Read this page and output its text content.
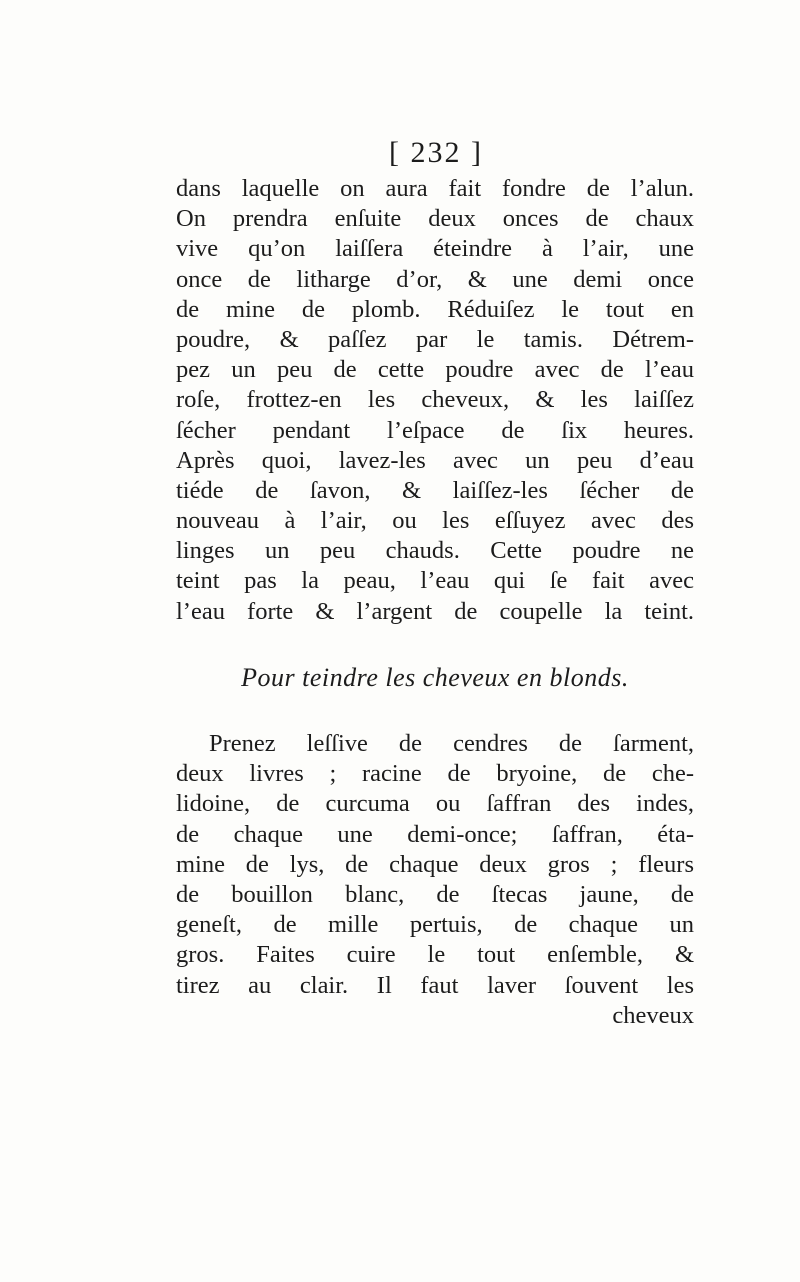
[ 232 ]
dans laquelle on aura fait fondre de l’alun.
On prendra enſuite deux onces de chaux
vive qu’on laiſſera éteindre à l’air, une
once de litharge d’or, & une demi once
de mine de plomb. Réduiſez le tout en
poudre, & paſſez par le tamis. Détrem-
pez un peu de cette poudre avec de l’eau
roſe, frottez-en les cheveux, & les laiſſez
ſécher pendant l’eſpace de ſix heures.
Après quoi, lavez-les avec un peu d’eau
tiéde de ſavon, & laiſſez-les ſécher de
nouveau à l’air, ou les eſſuyez avec des
linges un peu chauds. Cette poudre ne
teint pas la peau, l’eau qui ſe fait avec
l’eau forte & l’argent de coupelle la teint.
Pour teindre les cheveux en blonds.
Prenez leſſive de cendres de ſarment,
deux livres ; racine de bryoine, de che-
lidoine, de curcuma ou ſaffran des indes,
de chaque une demi-once; ſaffran, éta-
mine de lys, de chaque deux gros ; fleurs
de bouillon blanc, de ſtecas jaune, de
geneſt, de mille pertuis, de chaque un
gros. Faites cuire le tout enſemble, &
tirez au clair. Il faut laver ſouvent les
cheveux
